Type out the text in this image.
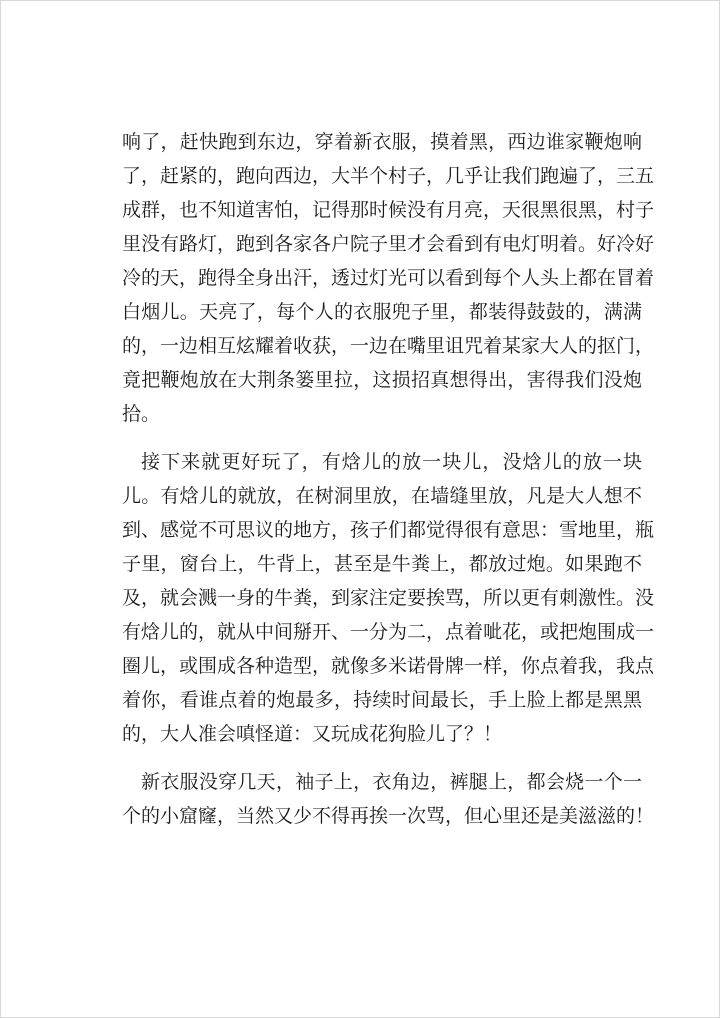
响了，赶快跑到东边，穿着新衣服，摸着黑，西边谁家鞭炮响
了，赶紧的，跑向西边，大半个村子，几乎让我们跑遍了，三五
成群，也不知道害怕，记得那时候没有月亮，天很黑很黑，村子
里没有路灯，跑到各家各户院子里才会看到有电灯明着。好冷好
冷的天，跑得全身出汗，透过灯光可以看到每个人头上都在冒着
白烟儿。天亮了，每个人的衣服兜子里，都装得鼓鼓的，满满
的，一边相互炫耀着收获，一边在嘴里诅咒着某家大人的抠门，
竟把鞭炮放在大荆条篓里拉，这损招真想得出，害得我们没炮
拾。
接下来就更好玩了，有焓儿的放一块儿，没焓儿的放一块
儿。有焓儿的就放，在树洞里放，在墙缝里放，凡是大人想不
到、感觉不可思议的地方，孩子们都觉得很有意思：雪地里，瓶
子里，窗台上，牛背上，甚至是牛粪上，都放过炮。如果跑不
及，就会溅一身的牛粪，到家注定要挨骂，所以更有刺激性。没
有焓儿的，就从中间掰开、一分为二，点着呲花，或把炮围成一
圈儿，或围成各种造型，就像多米诺骨牌一样，你点着我，我点
着你，看谁点着的炮最多，持续时间最长，手上脸上都是黑黑
的，大人准会嗔怪道：又玩成花狗脸儿了？！
新衣服没穿几天，袖子上，衣角边，裤腿上，都会烧一个一
个的小窟窿，当然又少不得再挨一次骂，但心里还是美滋滋的！
